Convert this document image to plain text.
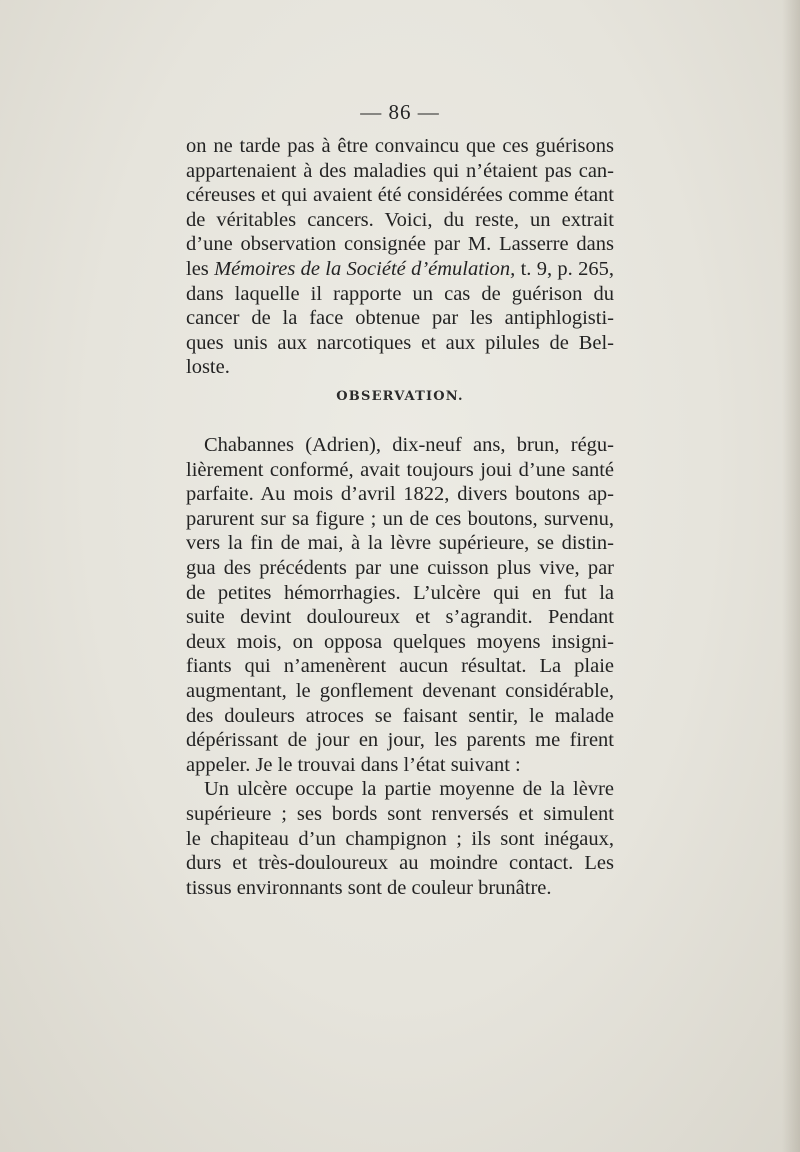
— 86 —
on ne tarde pas à être convaincu que ces guérisons
appartenaient à des maladies qui n’étaient pas can-
céreuses et qui avaient été considérées comme étant
de véritables cancers. Voici, du reste, un extrait
d’une observation consignée par M. Lasserre dans
les Mémoires de la Société d’émulation, t. 9, p. 265,
dans laquelle il rapporte un cas de guérison du
cancer de la face obtenue par les antiphlogisti-
ques unis aux narcotiques et aux pilules de Bel-
loste.
OBSERVATION.
Chabannes (Adrien), dix-neuf ans, brun, régu-
lièrement conformé, avait toujours joui d’une santé
parfaite. Au mois d’avril 1822, divers boutons ap-
parurent sur sa figure ; un de ces boutons, survenu,
vers la fin de mai, à la lèvre supérieure, se distin-
gua des précédents par une cuisson plus vive, par
de petites hémorrhagies. L’ulcère qui en fut la
suite devint douloureux et s’agrandit. Pendant
deux mois, on opposa quelques moyens insigni-
fiants qui n’amenèrent aucun résultat. La plaie
augmentant, le gonflement devenant considérable,
des douleurs atroces se faisant sentir, le malade
dépérissant de jour en jour, les parents me firent
appeler. Je le trouvai dans l’état suivant :
Un ulcère occupe la partie moyenne de la lèvre
supérieure ; ses bords sont renversés et simulent
le chapiteau d’un champignon ; ils sont inégaux,
durs et très-douloureux au moindre contact. Les
tissus environnants sont de couleur brunâtre.
